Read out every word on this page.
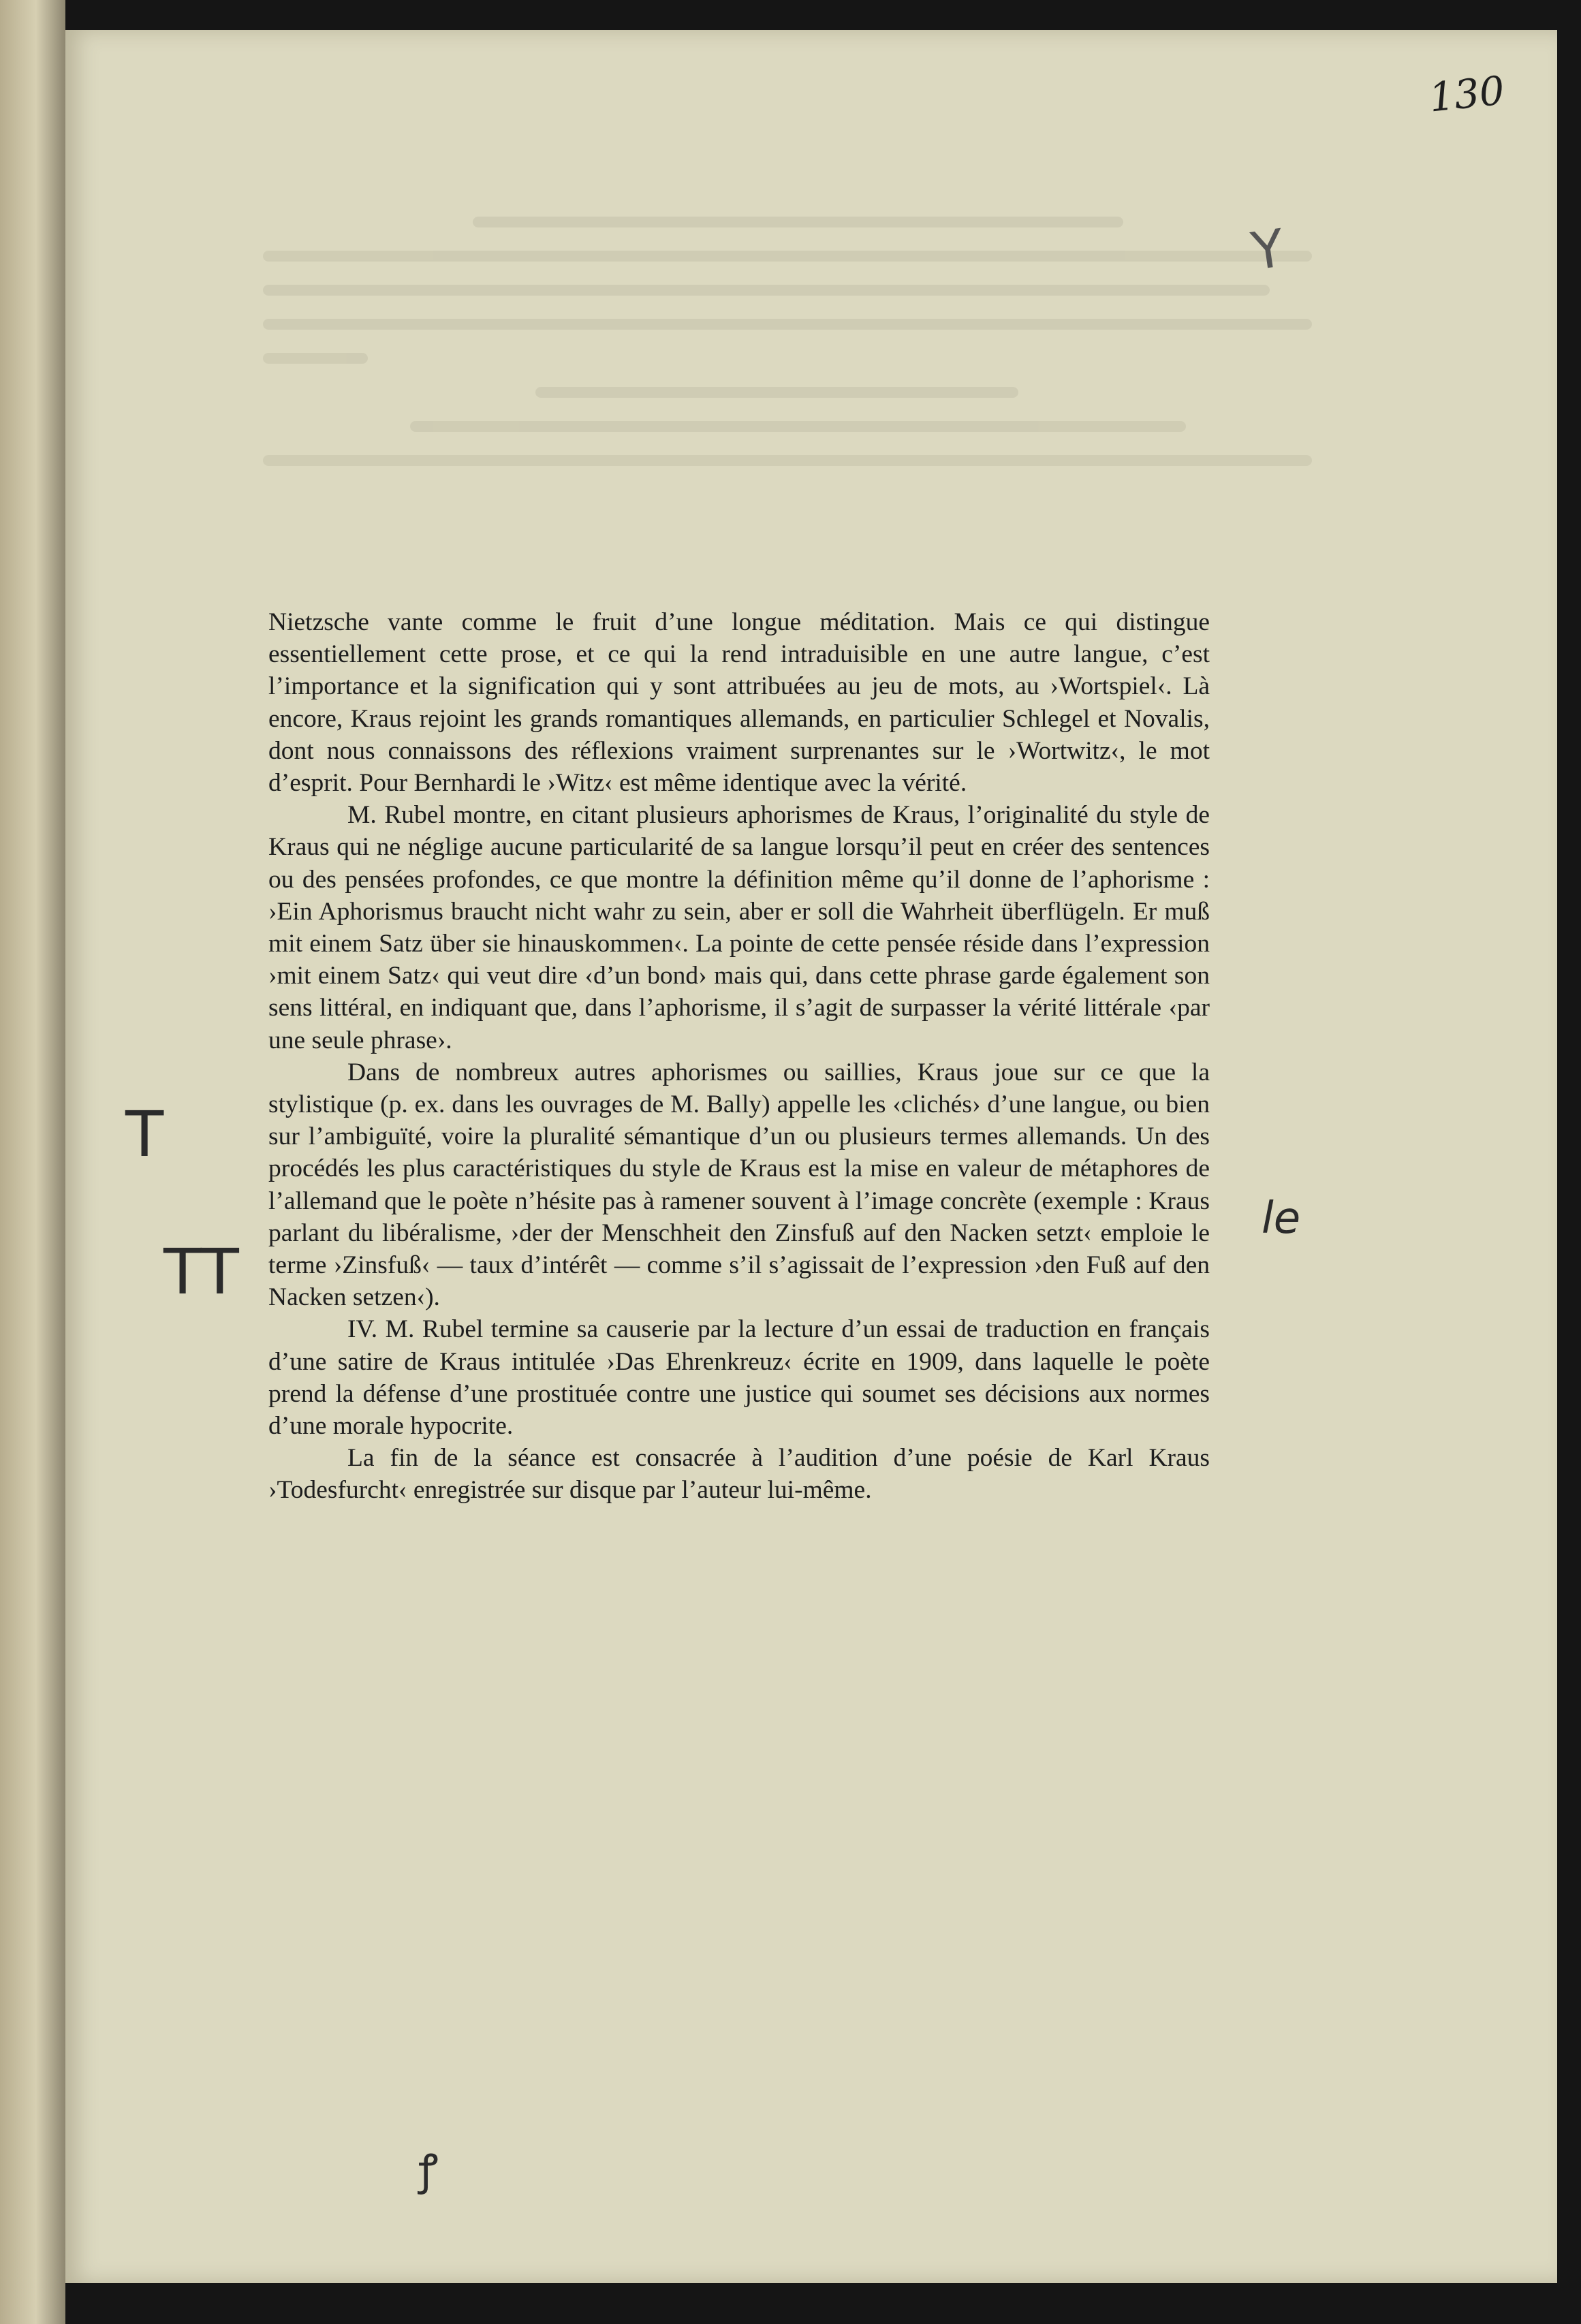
130
Y
T
TT
le
ꝭ

Nietzsche vante comme le fruit d’une longue méditation. Mais ce qui distingue essentiellement cette prose, et ce qui la rend intraduisible en une autre langue, c’est l’importance et la signification qui y sont attribuées au jeu de mots, au ›Wortspiel‹. Là encore, Kraus rejoint les grands romantiques allemands, en particulier Schlegel et Novalis, dont nous connaissons des réflexions vraiment surprenantes sur le ›Wortwitz‹, le mot d’esprit. Pour Bernhardi le ›Witz‹ est même identique avec la vérité.

M. Rubel montre, en citant plusieurs aphorismes de Kraus, l’originalité du style de Kraus qui ne néglige aucune particularité de sa langue lorsqu’il peut en créer des sentences ou des pensées profondes, ce que montre la définition même qu’il donne de l’aphorisme : ›Ein Aphorismus braucht nicht wahr zu sein, aber er soll die Wahrheit überflügeln. Er muß mit einem Satz über sie hinauskommen‹. La pointe de cette pensée réside dans l’expression ›mit einem Satz‹ qui veut dire ‹d’un bond› mais qui, dans cette phrase garde également son sens littéral, en indiquant que, dans l’aphorisme, il s’agit de surpasser la vérité littérale ‹par une seule phrase›.

Dans de nombreux autres aphorismes ou saillies, Kraus joue sur ce que la stylistique (p. ex. dans les ouvrages de M. Bally) appelle les ‹clichés› d’une langue, ou bien sur l’ambiguïté, voire la pluralité sémantique d’un ou plusieurs termes allemands. Un des procédés les plus caractéristiques du style de Kraus est la mise en valeur de métaphores de l’allemand que le poète n’hésite pas à ramener souvent à l’image concrète (exemple : Kraus parlant du libéralisme, ›der der Menschheit den Zinsfuß auf den Nacken setzt‹ emploie le terme ›Zinsfuß‹ — taux d’intérêt — comme s’il s’agissait de l’expression ›den Fuß auf den Nacken setzen‹).

IV. M. Rubel termine sa causerie par la lecture d’un essai de traduction en français d’une satire de Kraus intitulée ›Das Ehrenkreuz‹ écrite en 1909, dans laquelle le poète prend la défense d’une prostituée contre une justice qui soumet ses décisions aux normes d’une morale hypocrite.

La fin de la séance est consacrée à l’audition d’une poésie de Karl Kraus ›Todesfurcht‹ enregistrée sur disque par l’auteur lui-même.
